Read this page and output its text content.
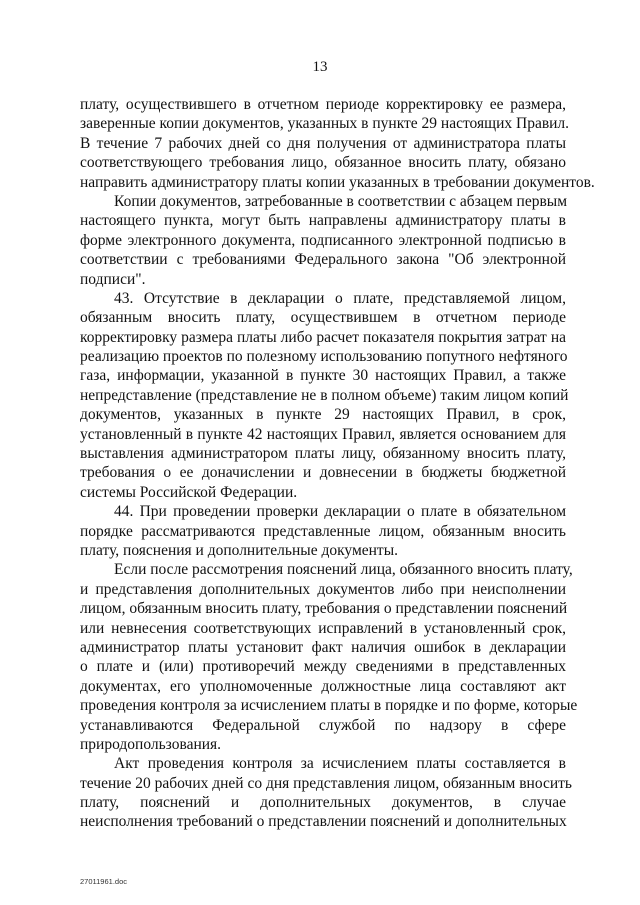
13
плату, осуществившего в отчетном периоде корректировку ее размера,
заверенные копии документов, указанных в пункте 29 настоящих Правил.
В течение 7 рабочих дней со дня получения от администратора платы
соответствующего требования лицо, обязанное вносить плату, обязано
направить администратору платы копии указанных в требовании документов.
Копии документов, затребованные в соответствии с абзацем первым
настоящего пункта, могут быть направлены администратору платы в
форме электронного документа, подписанного электронной подписью в
соответствии с требованиями Федерального закона "Об электронной
подписи".
43. Отсутствие в декларации о плате, представляемой лицом,
обязанным вносить плату, осуществившем в отчетном периоде
корректировку размера платы либо расчет показателя покрытия затрат на
реализацию проектов по полезному использованию попутного нефтяного
газа, информации, указанной в пункте 30 настоящих Правил, а также
непредставление (представление не в полном объеме) таким лицом копий
документов, указанных в пункте 29 настоящих Правил, в срок,
установленный в пункте 42 настоящих Правил, является основанием для
выставления администратором платы лицу, обязанному вносить плату,
требования о ее доначислении и довнесении в бюджеты бюджетной
системы Российской Федерации.
44. При проведении проверки декларации о плате в обязательном
порядке рассматриваются представленные лицом, обязанным вносить
плату, пояснения и дополнительные документы.
Если после рассмотрения пояснений лица, обязанного вносить плату,
и представления дополнительных документов либо при неисполнении
лицом, обязанным вносить плату, требования о представлении пояснений
или невнесения соответствующих исправлений в установленный срок,
администратор платы установит факт наличия ошибок в декларации
о плате и (или) противоречий между сведениями в представленных
документах, его уполномоченные должностные лица составляют акт
проведения контроля за исчислением платы в порядке и по форме, которые
устанавливаются Федеральной службой по надзору в сфере
природопользования.
Акт проведения контроля за исчислением платы составляется в
течение 20 рабочих дней со дня представления лицом, обязанным вносить
плату, пояснений и дополнительных документов, в случае
неисполнения требований о представлении пояснений и дополнительных
27011961.doc
